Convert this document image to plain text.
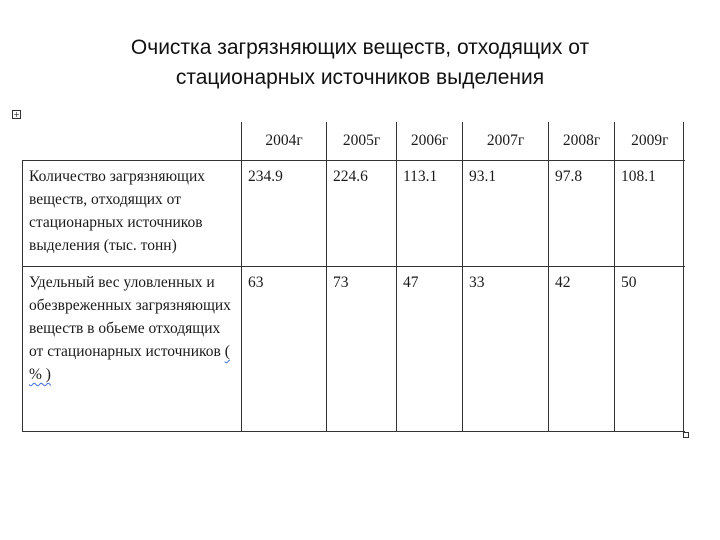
Очистка загрязняющих веществ, отходящих от
стационарных источников выделения
+
	2004г	2005г	2006г	2007г	2008г	2009г
Количество загрязняющих веществ, отходящих от стационарных источников выделения (тыс. тонн)	234.9	224.6	113.1	93.1	97.8	108.1
Удельный вес уловленных и обезвреженных загрязняющих веществ в обьеме отходящих от стационарных источников (
% )	63	73	47	33	42	50
